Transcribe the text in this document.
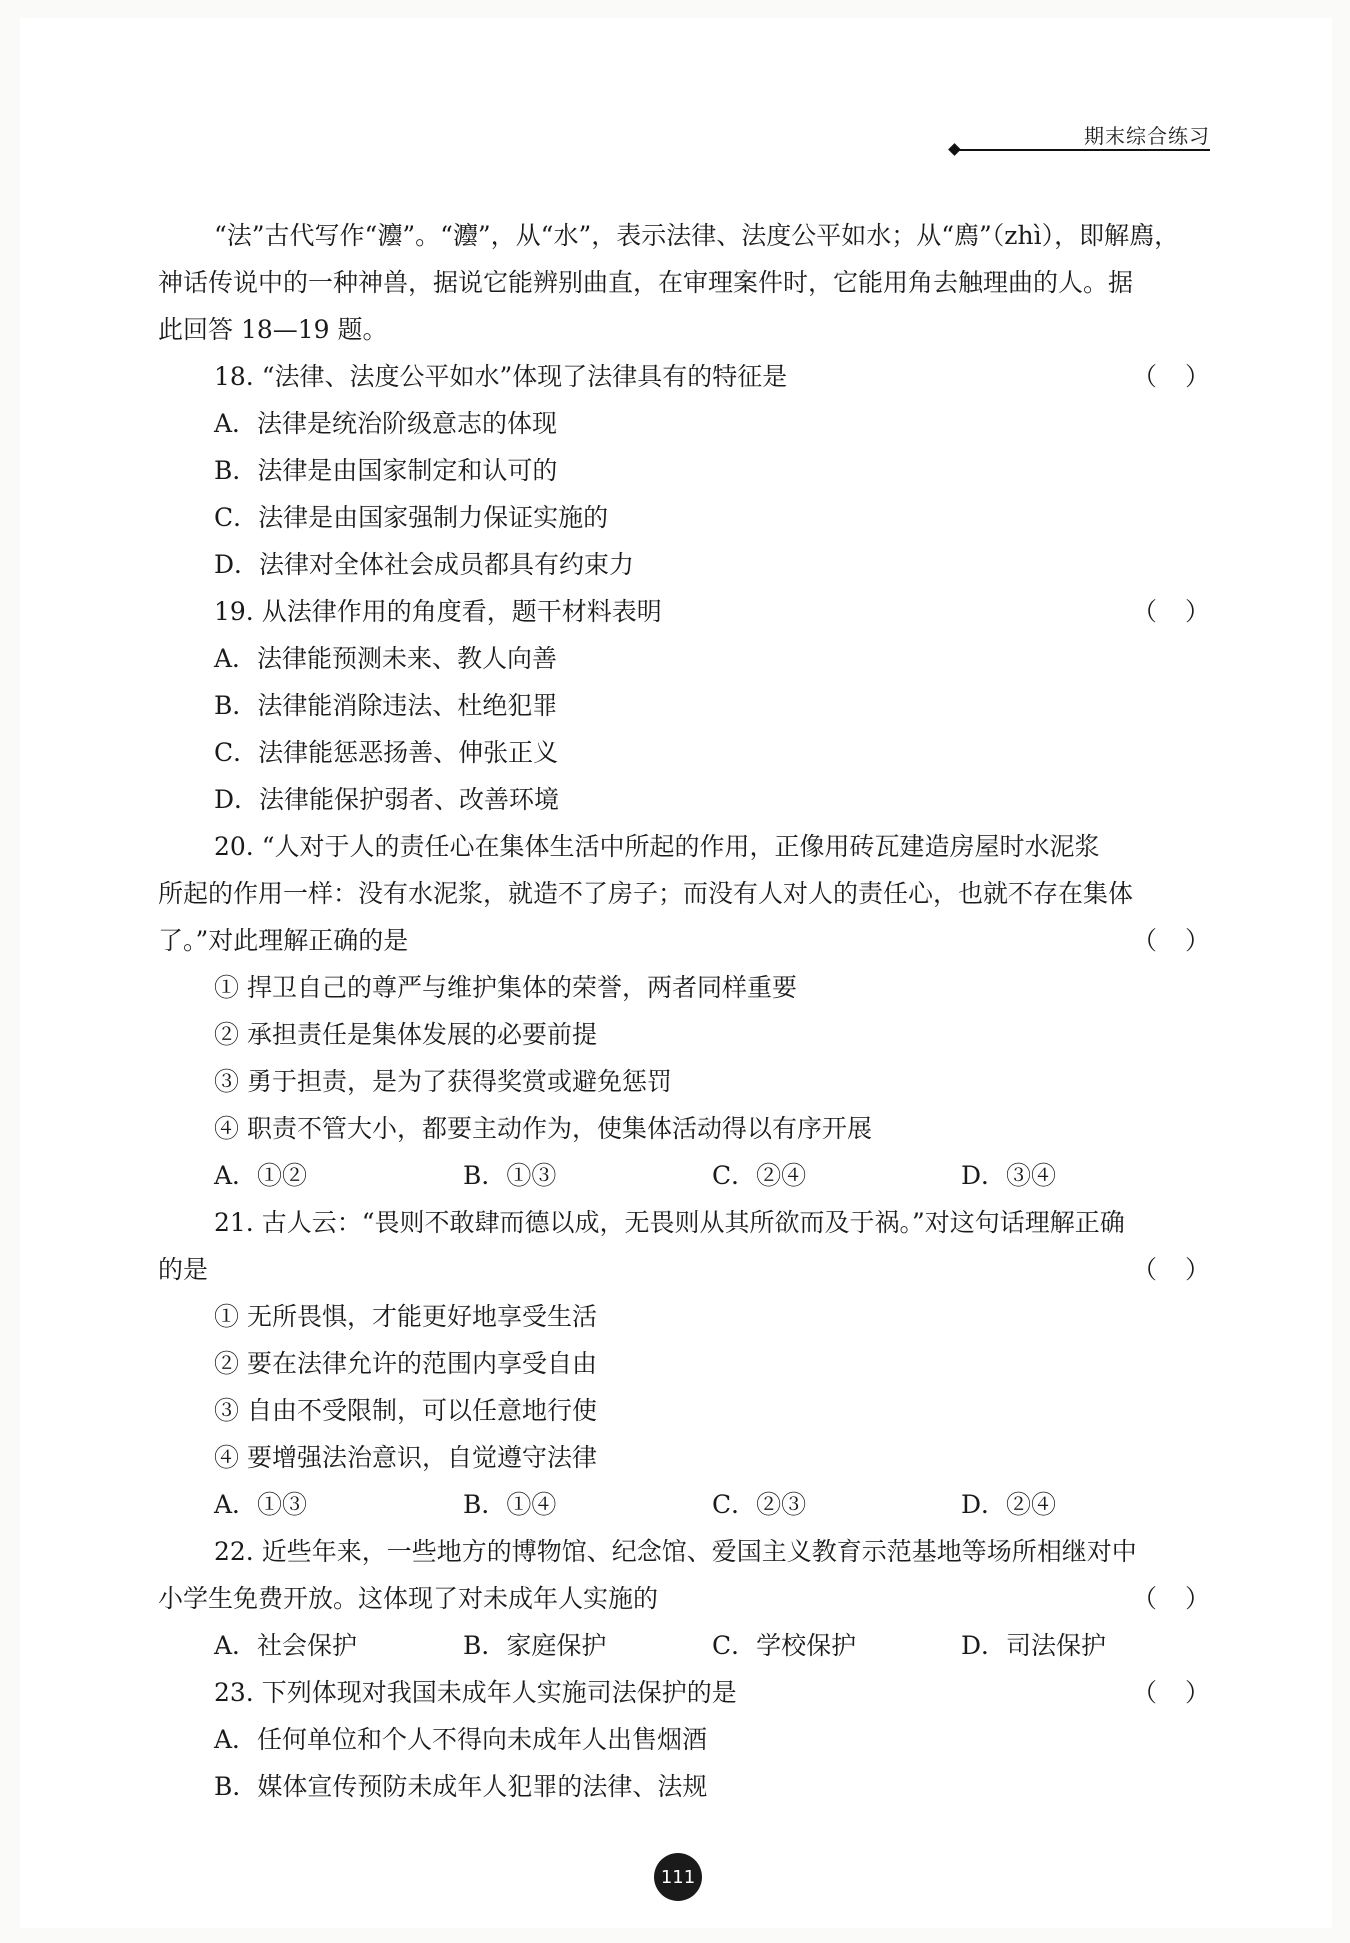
期末综合练习
“法”古代写作“灋”。“灋”，从“水”，表示法律、法度公平如水；从“廌”（zhì），即解廌，
神话传说中的一种神兽，据说它能辨别曲直，在审理案件时，它能用角去触理曲的人。据
此回答 18—19 题。
18. “法律、法度公平如水”体现了法律具有的特征是	（ ）
A．法律是统治阶级意志的体现
B．法律是由国家制定和认可的
C．法律是由国家强制力保证实施的
D．法律对全体社会成员都具有约束力
19. 从法律作用的角度看，题干材料表明	（ ）
A．法律能预测未来、教人向善
B．法律能消除违法、杜绝犯罪
C．法律能惩恶扬善、伸张正义
D．法律能保护弱者、改善环境
20. “人对于人的责任心在集体生活中所起的作用，正像用砖瓦建造房屋时水泥浆
所起的作用一样：没有水泥浆，就造不了房子；而没有人对人的责任心，也就不存在集体
了。”对此理解正确的是	（ ）
① 捍卫自己的尊严与维护集体的荣誉，两者同样重要
② 承担责任是集体发展的必要前提
③ 勇于担责，是为了获得奖赏或避免惩罚
④ 职责不管大小，都要主动作为，使集体活动得以有序开展
A．①②	B．①③	C．②④	D．③④
21. 古人云：“畏则不敢肆而德以成，无畏则从其所欲而及于祸。”对这句话理解正确
的是	（ ）
① 无所畏惧，才能更好地享受生活
② 要在法律允许的范围内享受自由
③ 自由不受限制，可以任意地行使
④ 要增强法治意识，自觉遵守法律
A．①③	B．①④	C．②③	D．②④
22. 近些年来，一些地方的博物馆、纪念馆、爱国主义教育示范基地等场所相继对中
小学生免费开放。这体现了对未成年人实施的	（ ）
A．社会保护	B．家庭保护	C．学校保护	D．司法保护
23. 下列体现对我国未成年人实施司法保护的是	（ ）
A．任何单位和个人不得向未成年人出售烟酒
B．媒体宣传预防未成年人犯罪的法律、法规
111
